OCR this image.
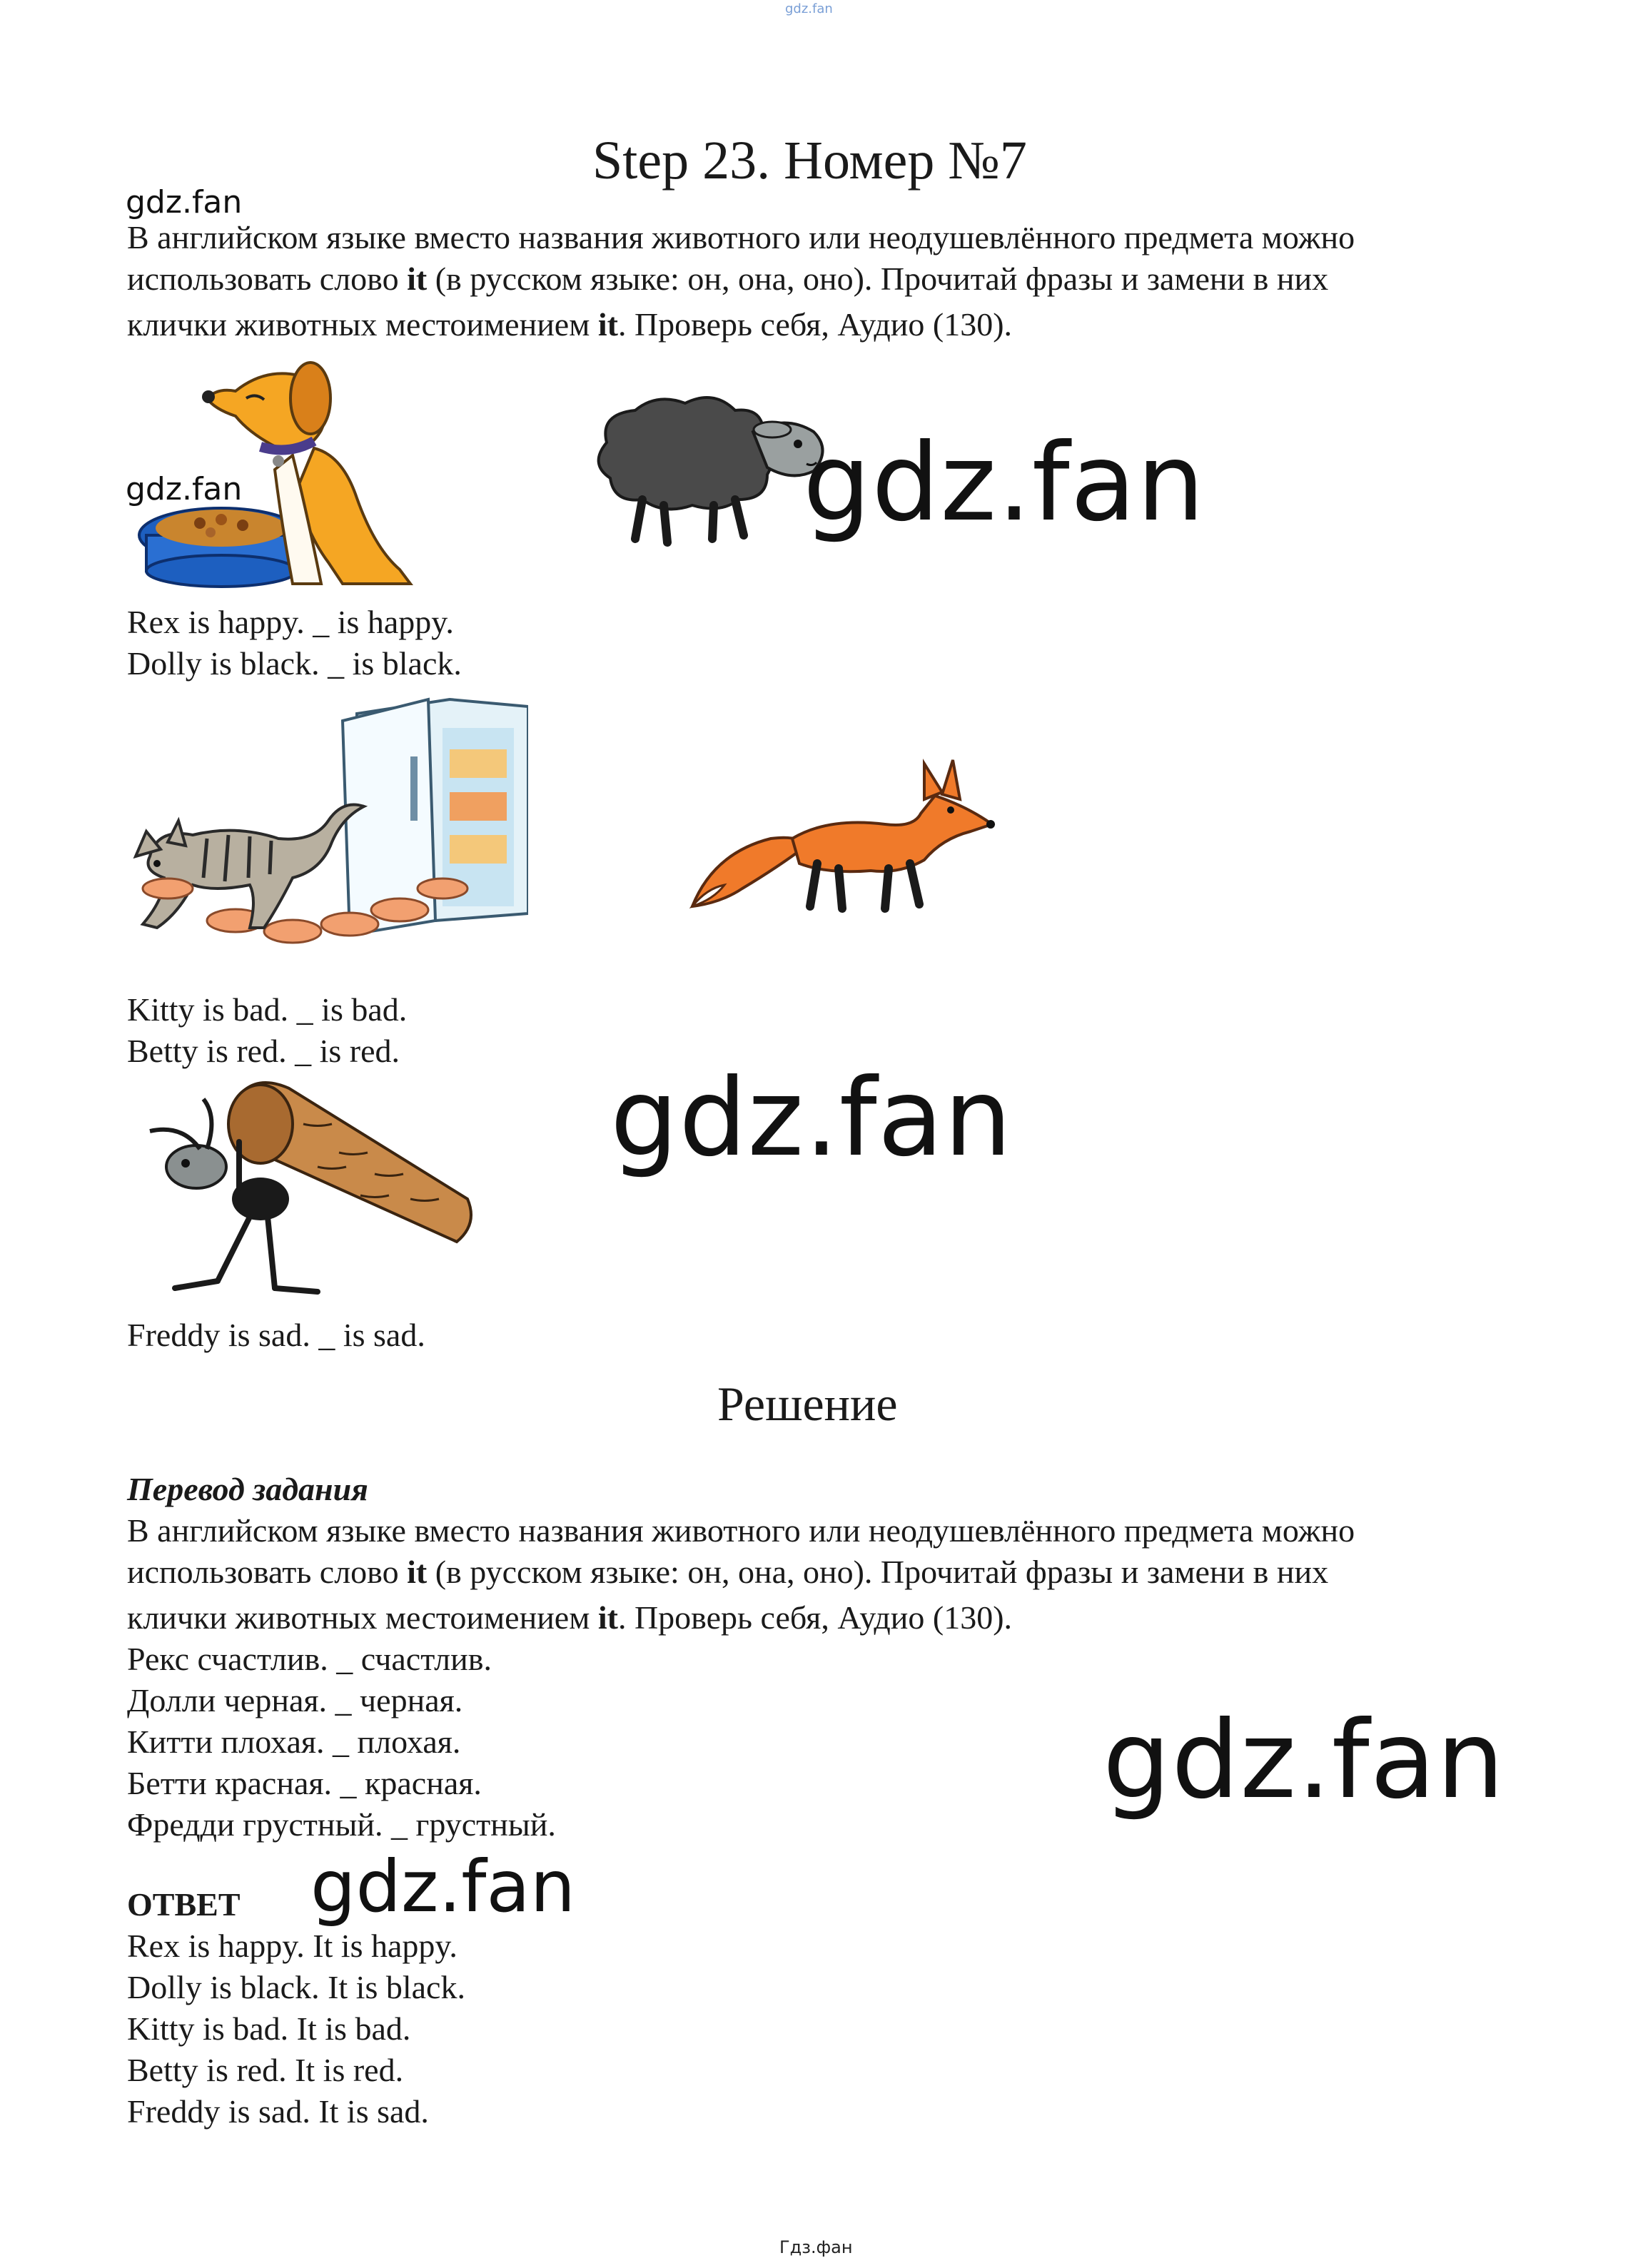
gdz.fan
Step 23. Номер №7
gdz.fan
В английском языке вместо названия животного или неодушевлённого предмета можно
использовать слово it (в русском языке: он, она, оно). Прочитай фразы и замени в них
клички животных местоимением it. Проверь себя, Аудио (130).
gdz.fan	gdz.fan
Rex is happy. _ is happy.
Dolly is black. _ is black.
Kitty is bad. _ is bad.
Betty is red. _ is red.
gdz.fan
Freddy is sad. _ is sad.
Решение
Перевод задания
В английском языке вместо названия животного или неодушевлённого предмета можно
использовать слово it (в русском языке: он, она, оно). Прочитай фразы и замени в них
клички животных местоимением it. Проверь себя, Аудио (130).
Рекс счастлив. _ счастлив.
Долли черная. _ черная.
Китти плохая. _ плохая.
Бетти красная. _ красная.
Фредди грустный. _ грустный.
gdz.fan
gdz.fan
ОТВЕТ
Rex is happy. It is happy.
Dolly is black. It is black.
Kitty is bad. It is bad.
Betty is red. It is red.
Freddy is sad. It is sad.
Гдз.фан
